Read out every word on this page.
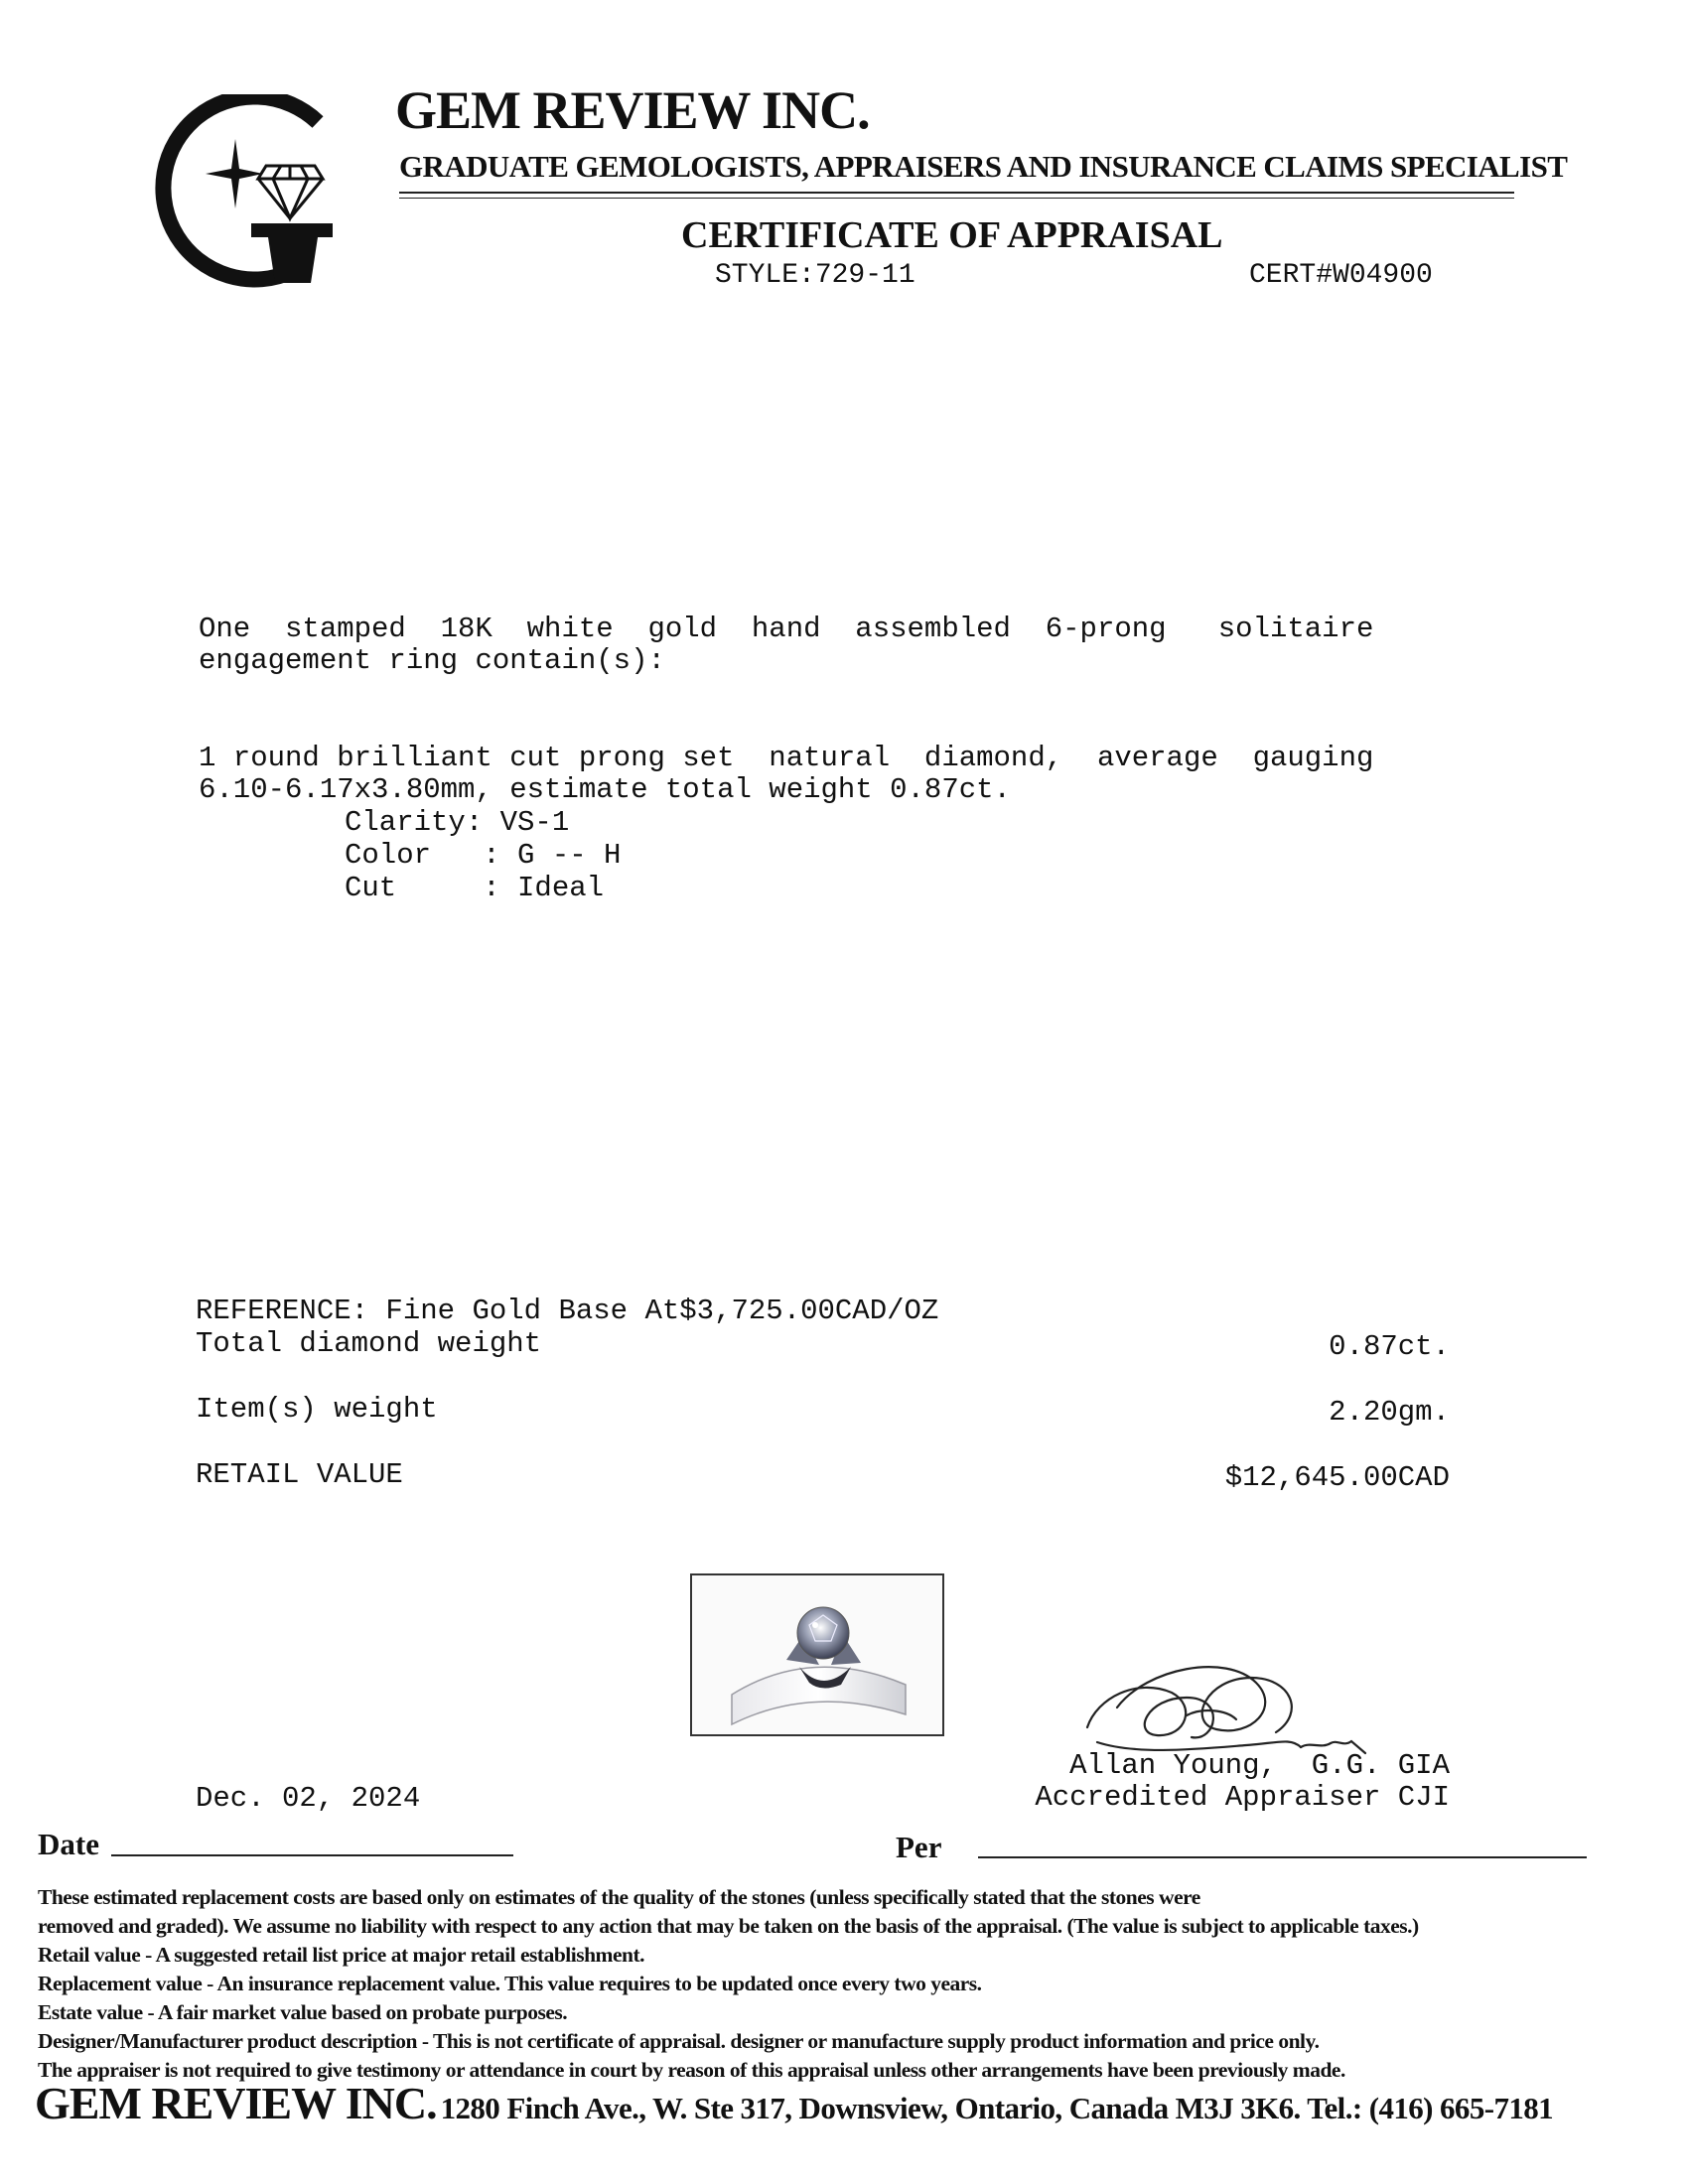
GEM REVIEW INC.
GRADUATE GEMOLOGISTS, APPRAISERS AND INSURANCE CLAIMS SPECIALIST
CERTIFICATE OF APPRAISAL
STYLE:729-11	CERT#W04900
One  stamped  18K  white  gold  hand  assembled  6-prong   solitaire
engagement ring contain(s):
1 round brilliant cut prong set  natural  diamond,  average  gauging
6.10-6.17x3.80mm, estimate total weight 0.87ct.
Clarity: VS-1
Color   : G -- H
Cut     : Ideal
REFERENCE: Fine Gold Base At$3,725.00CAD/OZ
Total diamond weight	0.87ct.
Item(s) weight	2.20gm.
RETAIL VALUE	$12,645.00CAD
Allan Young,  G.G. GIA
Accredited Appraiser CJI
Dec. 02, 2024
Date	Per
These estimated replacement costs are based only on estimates of the quality of the stones (unless specifically stated that the stones were
removed and graded). We assume no liability with respect to any action that may be taken on the basis of the appraisal. (The value is subject to applicable taxes.)
Retail value - A suggested retail list price at major retail establishment.
Replacement value - An insurance replacement value. This value requires to be updated once every two years.
Estate value - A fair market value based on probate purposes.
Designer/Manufacturer product description - This is not certificate of appraisal. designer or manufacture supply product information and price only.
The appraiser is not required to give testimony or attendance in court by reason of this appraisal unless other arrangements have been previously made.
GEM REVIEW INC. 1280 Finch Ave., W. Ste 317, Downsview, Ontario, Canada M3J 3K6. Tel.: (416) 665-7181
